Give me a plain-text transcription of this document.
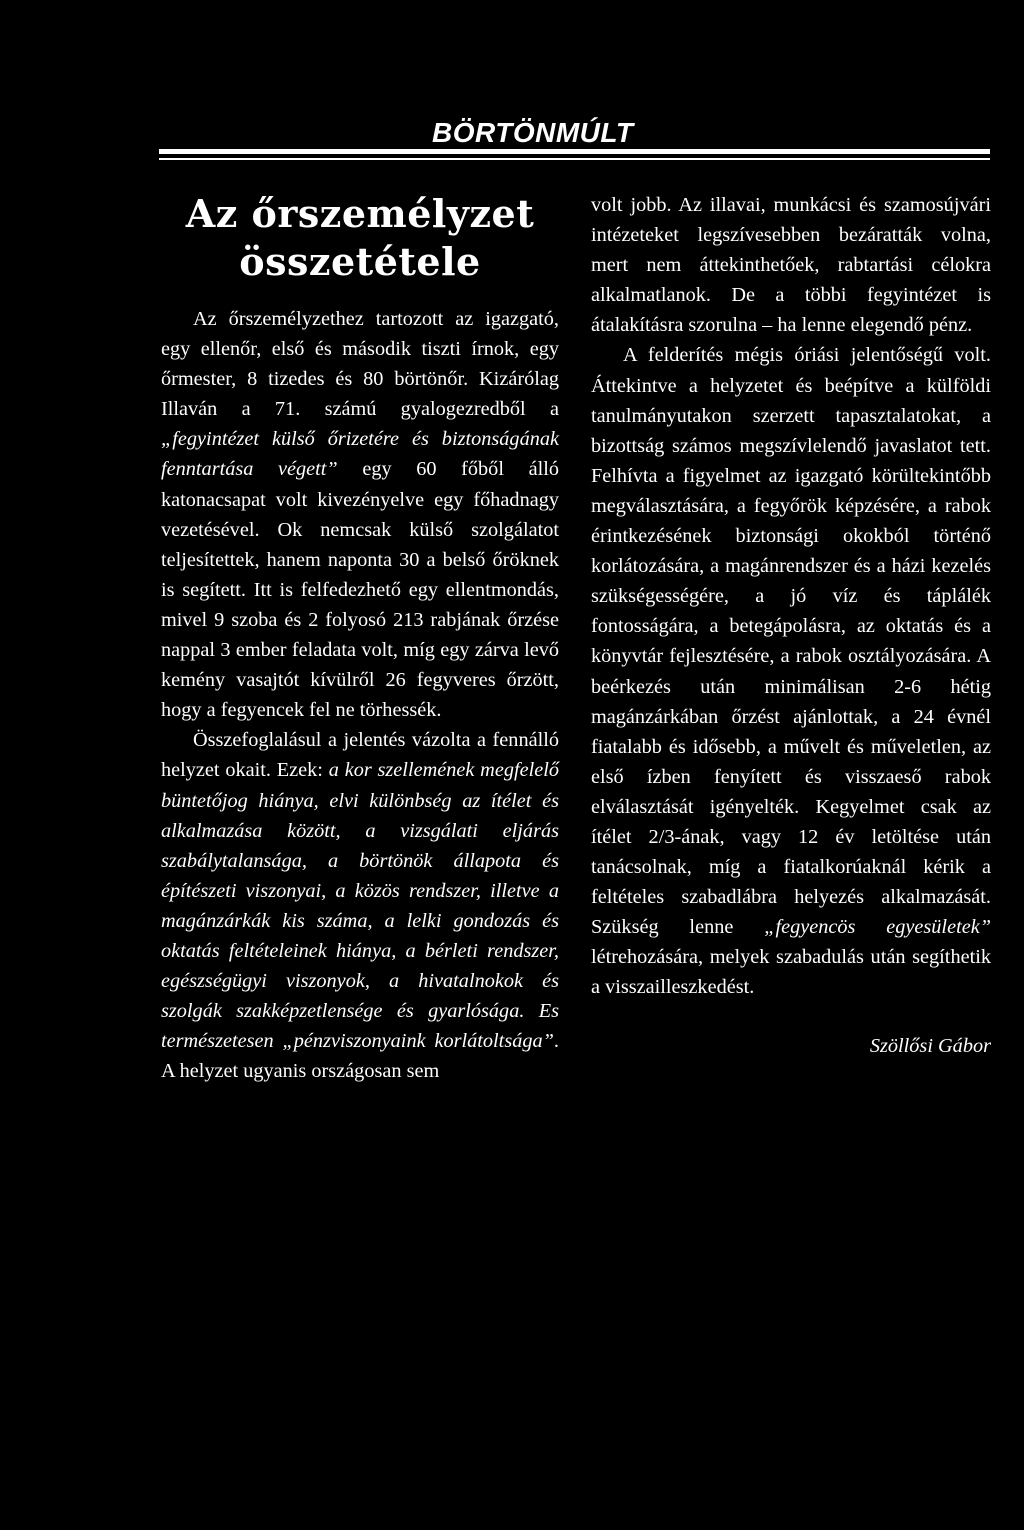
BÖRTÖNMÚLT
Az őrszemélyzet összetétele

Az őrszemélyzethez tartozott az igazgató, egy ellenőr, első és második tiszti írnok, egy őrmester, 8 tizedes és 80 börtönőr. Kizárólag Illaván a 71. számú gyalogezredből a „fegyintézet külső őrizetére és biztonságának fenntartása végett” egy 60 főből álló katonacsapat volt kivezényelve egy főhadnagy vezetésével. Ok nemcsak külső szolgálatot teljesítettek, hanem naponta 30 a belső őröknek is segített. Itt is felfedezhető egy ellentmondás, mivel 9 szoba és 2 folyosó 213 rabjának őrzése nappal 3 ember feladata volt, míg egy zárva levő kemény vasajtót kívülről 26 fegyveres őrzött, hogy a fegyencek fel ne törhessék.

Összefoglalásul a jelentés vázolta a fennálló helyzet okait. Ezek: a kor szellemének megfelelő büntetőjog hiánya, elvi különbség az ítélet és alkalmazása között, a vizsgálati eljárás szabálytalansága, a börtönök állapota és építészeti viszonyai, a közös rendszer, illetve a magánzárkák kis száma, a lelki gondozás és oktatás feltételeinek hiánya, a bérleti rendszer, egészségügyi viszonyok, a hivatalnokok és szolgák szakképzetlensége és gyarlósága. Es természetesen „pénzviszonyaink korlátoltsága”. A helyzet ugyanis országosan sem

volt jobb. Az illavai, munkácsi és szamosújvári intézeteket legszívesebben bezáratták volna, mert nem áttekinthetőek, rabtartási célokra alkalmatlanok. De a többi fegyintézet is átalakításra szorulna – ha lenne elegendő pénz.

A felderítés mégis óriási jelentőségű volt. Áttekintve a helyzetet és beépítve a külföldi tanulmányutakon szerzett tapasztalatokat, a bizottság számos megszívlelendő javaslatot tett. Felhívta a figyelmet az igazgató körültekintőbb megválasztására, a fegyőrök képzésére, a rabok érintkezésének biztonsági okokból történő korlátozására, a magánrendszer és a házi kezelés szükségességére, a jó víz és táplálék fontosságára, a betegápolásra, az oktatás és a könyvtár fejlesztésére, a rabok osztályozására. A beérkezés után minimálisan 2-6 hétig magánzárkában őrzést ajánlottak, a 24 évnél fiatalabb és idősebb, a művelt és műveletlen, az első ízben fenyített és visszaeső rabok elválasztását igényelték. Kegyelmet csak az ítélet 2/3-ának, vagy 12 év letöltése után tanácsolnak, míg a fiatalkorúaknál kérik a feltételes szabadlábra helyezés alkalmazását. Szükség lenne „fegyencös egyesületek” létrehozására, melyek szabadulás után segíthetik a visszailleszkedést.

Szöllősi Gábor
